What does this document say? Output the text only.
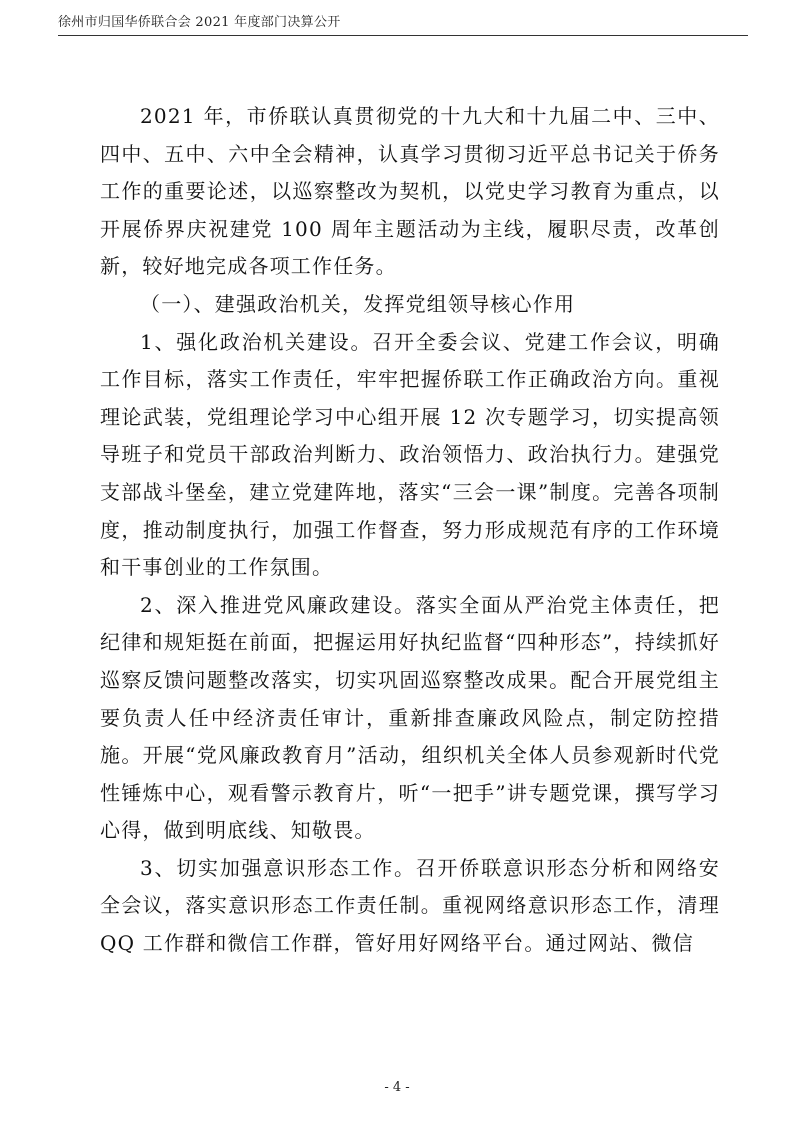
徐州市归国华侨联合会 2021 年度部门决算公开

2021 年，市侨联认真贯彻党的十九大和十九届二中、三中、四中、五中、六中全会精神，认真学习贯彻习近平总书记关于侨务工作的重要论述，以巡察整改为契机，以党史学习教育为重点，以开展侨界庆祝建党 100 周年主题活动为主线，履职尽责，改革创新，较好地完成各项工作任务。

（一）、建强政治机关，发挥党组领导核心作用

1、强化政治机关建设。召开全委会议、党建工作会议，明确工作目标，落实工作责任，牢牢把握侨联工作正确政治方向。重视理论武装，党组理论学习中心组开展 12 次专题学习，切实提高领导班子和党员干部政治判断力、政治领悟力、政治执行力。建强党支部战斗堡垒，建立党建阵地，落实“三会一课”制度。完善各项制度，推动制度执行，加强工作督查，努力形成规范有序的工作环境和干事创业的工作氛围。

2、深入推进党风廉政建设。落实全面从严治党主体责任，把纪律和规矩挺在前面，把握运用好执纪监督“四种形态”，持续抓好巡察反馈问题整改落实，切实巩固巡察整改成果。配合开展党组主要负责人任中经济责任审计，重新排查廉政风险点，制定防控措施。开展“党风廉政教育月”活动，组织机关全体人员参观新时代党性锤炼中心，观看警示教育片，听“一把手”讲专题党课，撰写学习心得，做到明底线、知敬畏。

3、切实加强意识形态工作。召开侨联意识形态分析和网络安全会议，落实意识形态工作责任制。重视网络意识形态工作，清理 QQ 工作群和微信工作群，管好用好网络平台。通过网站、微信

- 4 -
